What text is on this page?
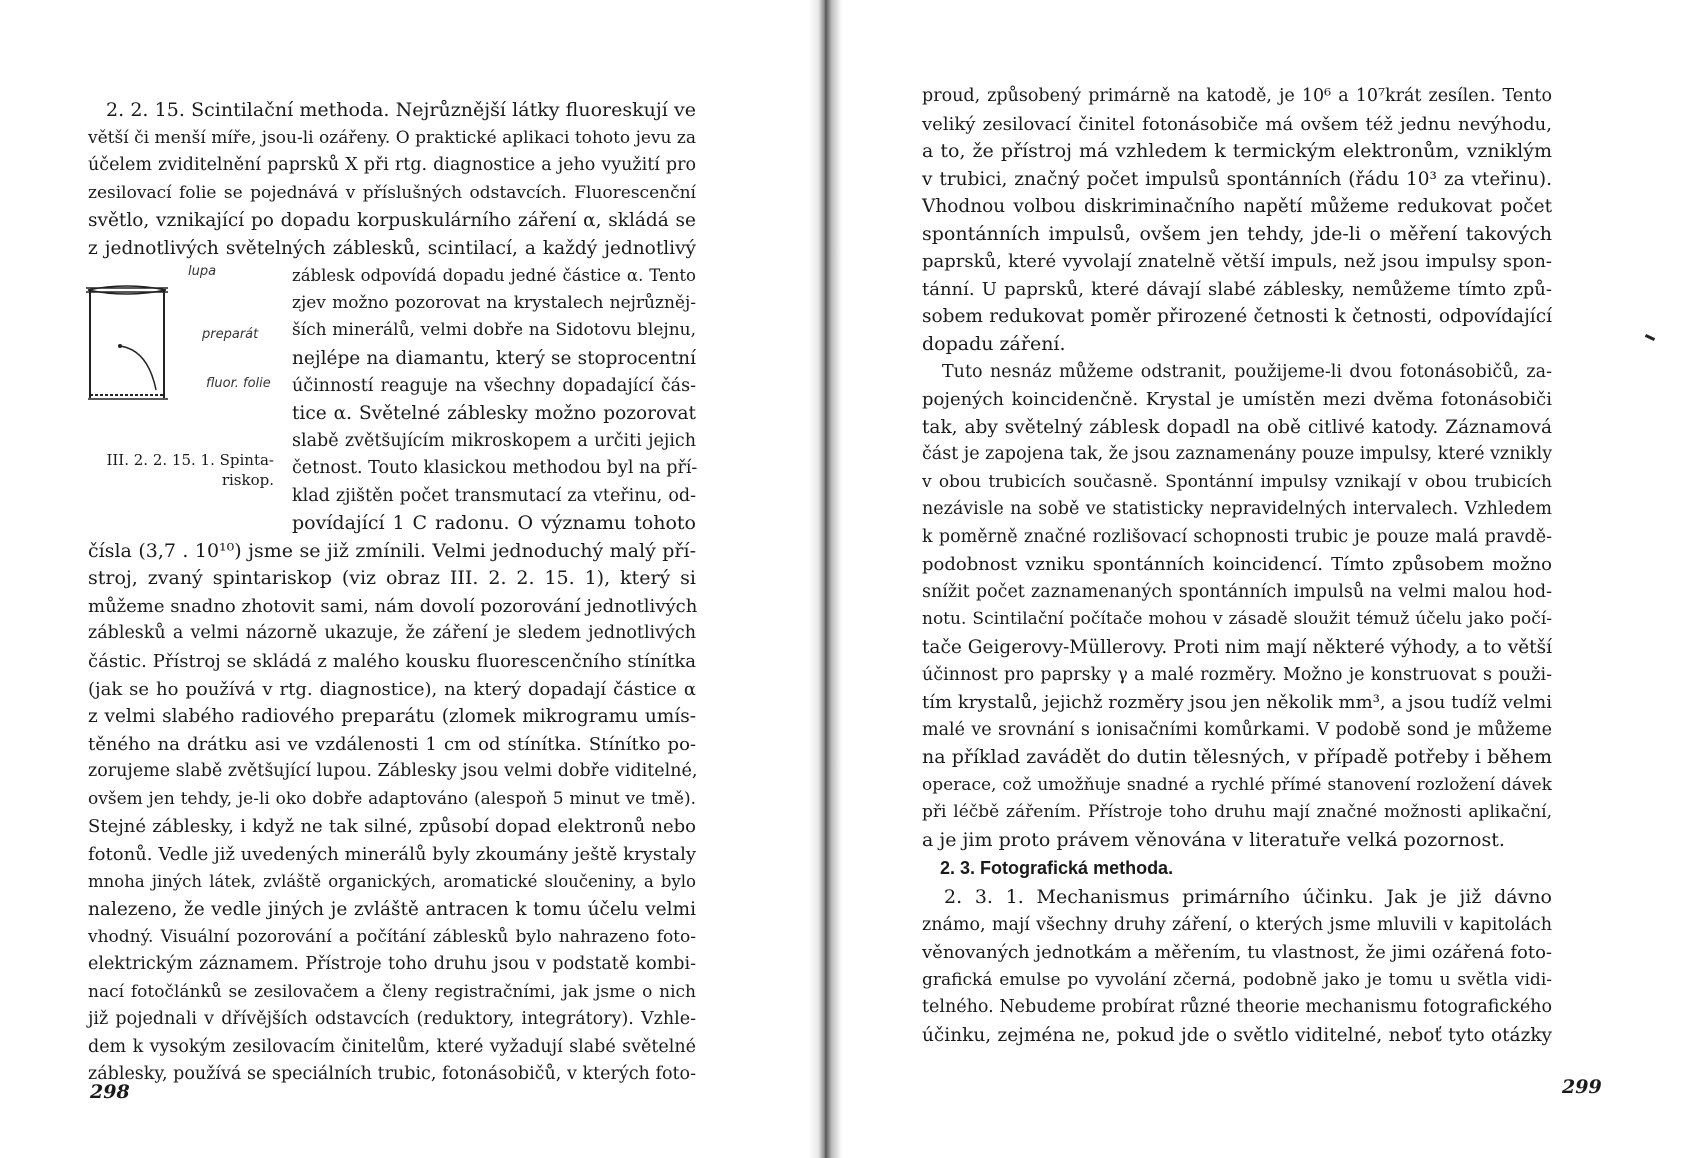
lupa
preparát
fluor. folie
III. 2. 2. 15. 1. Spinta-
riskop.
298
2. 2. 15. Scintilační methoda. Nejrůznější látky fluoreskují ve
větší či menší míře, jsou-li ozářeny. O praktické aplikaci tohoto jevu za
účelem zviditelnění paprsků X při rtg. diagnostice a jeho využití pro
zesilovací folie se pojednává v příslušných odstavcích. Fluorescenční
světlo, vznikající po dopadu korpuskulárního záření α, skládá se
z jednotlivých světelných záblesků, scintilací, a každý jednotlivý
záblesk odpovídá dopadu jedné částice α. Tento
zjev možno pozorovat na krystalech nejrůzněj-
ších minerálů, velmi dobře na Sidotovu blejnu,
nejlépe na diamantu, který se stoprocentní
účinností reaguje na všechny dopadající čás-
tice α. Světelné záblesky možno pozorovat
slabě zvětšujícím mikroskopem a určiti jejich
četnost. Touto klasickou methodou byl na pří-
klad zjištěn počet transmutací za vteřinu, od-
povídající 1 C radonu. O významu tohoto
čísla (3,7 . 10¹⁰) jsme se již zmínili. Velmi jednoduchý malý pří-
stroj, zvaný spintariskop (viz obraz III. 2. 2. 15. 1), který si
můžeme snadno zhotovit sami, nám dovolí pozorování jednotlivých
záblesků a velmi názorně ukazuje, že záření je sledem jednotlivých
částic. Přístroj se skládá z malého kousku fluorescenčního stínítka
(jak se ho používá v rtg. diagnostice), na který dopadají částice α
z velmi slabého radiového preparátu (zlomek mikrogramu umís-
těného na drátku asi ve vzdálenosti 1 cm od stínítka. Stínítko po-
zorujeme slabě zvětšující lupou. Záblesky jsou velmi dobře viditelné,
ovšem jen tehdy, je-li oko dobře adaptováno (alespoň 5 minut ve tmě).
Stejné záblesky, i když ne tak silné, způsobí dopad elektronů nebo
fotonů. Vedle již uvedených minerálů byly zkoumány ještě krystaly
mnoha jiných látek, zvláště organických, aromatické sloučeniny, a bylo
nalezeno, že vedle jiných je zvláště antracen k tomu účelu velmi
vhodný. Visuální pozorování a počítání záblesků bylo nahrazeno foto-
elektrickým záznamem. Přístroje toho druhu jsou v podstatě kombi-
nací fotočlánků se zesilovačem a členy registračními, jak jsme o nich
již pojednali v dřívějších odstavcích (reduktory, integrátory). Vzhle-
dem k vysokým zesilovacím činitelům, které vyžadují slabé světelné
záblesky, používá se speciálních trubic, fotonásobičů, v kterých foto-
299
proud, způsobený primárně na katodě, je 10⁶ a 10⁷krát zesílen. Tento
veliký zesilovací činitel fotonásobiče má ovšem též jednu nevýhodu,
a to, že přístroj má vzhledem k termickým elektronům, vzniklým
v trubici, značný počet impulsů spontánních (řádu 10³ za vteřinu).
Vhodnou volbou diskriminačního napětí můžeme redukovat počet
spontánních impulsů, ovšem jen tehdy, jde-li o měření takových
paprsků, které vyvolají znatelně větší impuls, než jsou impulsy spon-
tánní. U paprsků, které dávají slabé záblesky, nemůžeme tímto způ-
sobem redukovat poměr přirozené četnosti k četnosti, odpovídající
dopadu záření.
Tuto nesnáz můžeme odstranit, použijeme-li dvou fotonásobičů, za-
pojených koincidenčně. Krystal je umístěn mezi dvěma fotonásobiči
tak, aby světelný záblesk dopadl na obě citlivé katody. Záznamová
část je zapojena tak, že jsou zaznamenány pouze impulsy, které vznikly
v obou trubicích současně. Spontánní impulsy vznikají v obou trubicích
nezávisle na sobě ve statisticky nepravidelných intervalech. Vzhledem
k poměrně značné rozlišovací schopnosti trubic je pouze malá pravdě-
podobnost vzniku spontánních koincidencí. Tímto způsobem možno
snížit počet zaznamenaných spontánních impulsů na velmi malou hod-
notu. Scintilační počítače mohou v zásadě sloužit témuž účelu jako počí-
tače Geigerovy-Müllerovy. Proti nim mají některé výhody, a to větší
účinnost pro paprsky γ a malé rozměry. Možno je konstruovat s použi-
tím krystalů, jejichž rozměry jsou jen několik mm³, a jsou tudíž velmi
malé ve srovnání s ionisačními komůrkami. V podobě sond je můžeme
na příklad zavádět do dutin tělesných, v případě potřeby i během
operace, což umožňuje snadné a rychlé přímé stanovení rozložení dávek
při léčbě zářením. Přístroje toho druhu mají značné možnosti aplikační,
a je jim proto právem věnována v literatuře velká pozornost.
2. 3. 1. Mechanismus primárního účinku. Jak je již dávno
známo, mají všechny druhy záření, o kterých jsme mluvili v kapitolách
věnovaných jednotkám a měřením, tu vlastnost, že jimi ozářená foto-
grafická emulse po vyvolání zčerná, podobně jako je tomu u světla vidi-
telného. Nebudeme probírat různé theorie mechanismu fotografického
účinku, zejména ne, pokud jde o světlo viditelné, neboť tyto otázky
2. 3. Fotografická methoda.
